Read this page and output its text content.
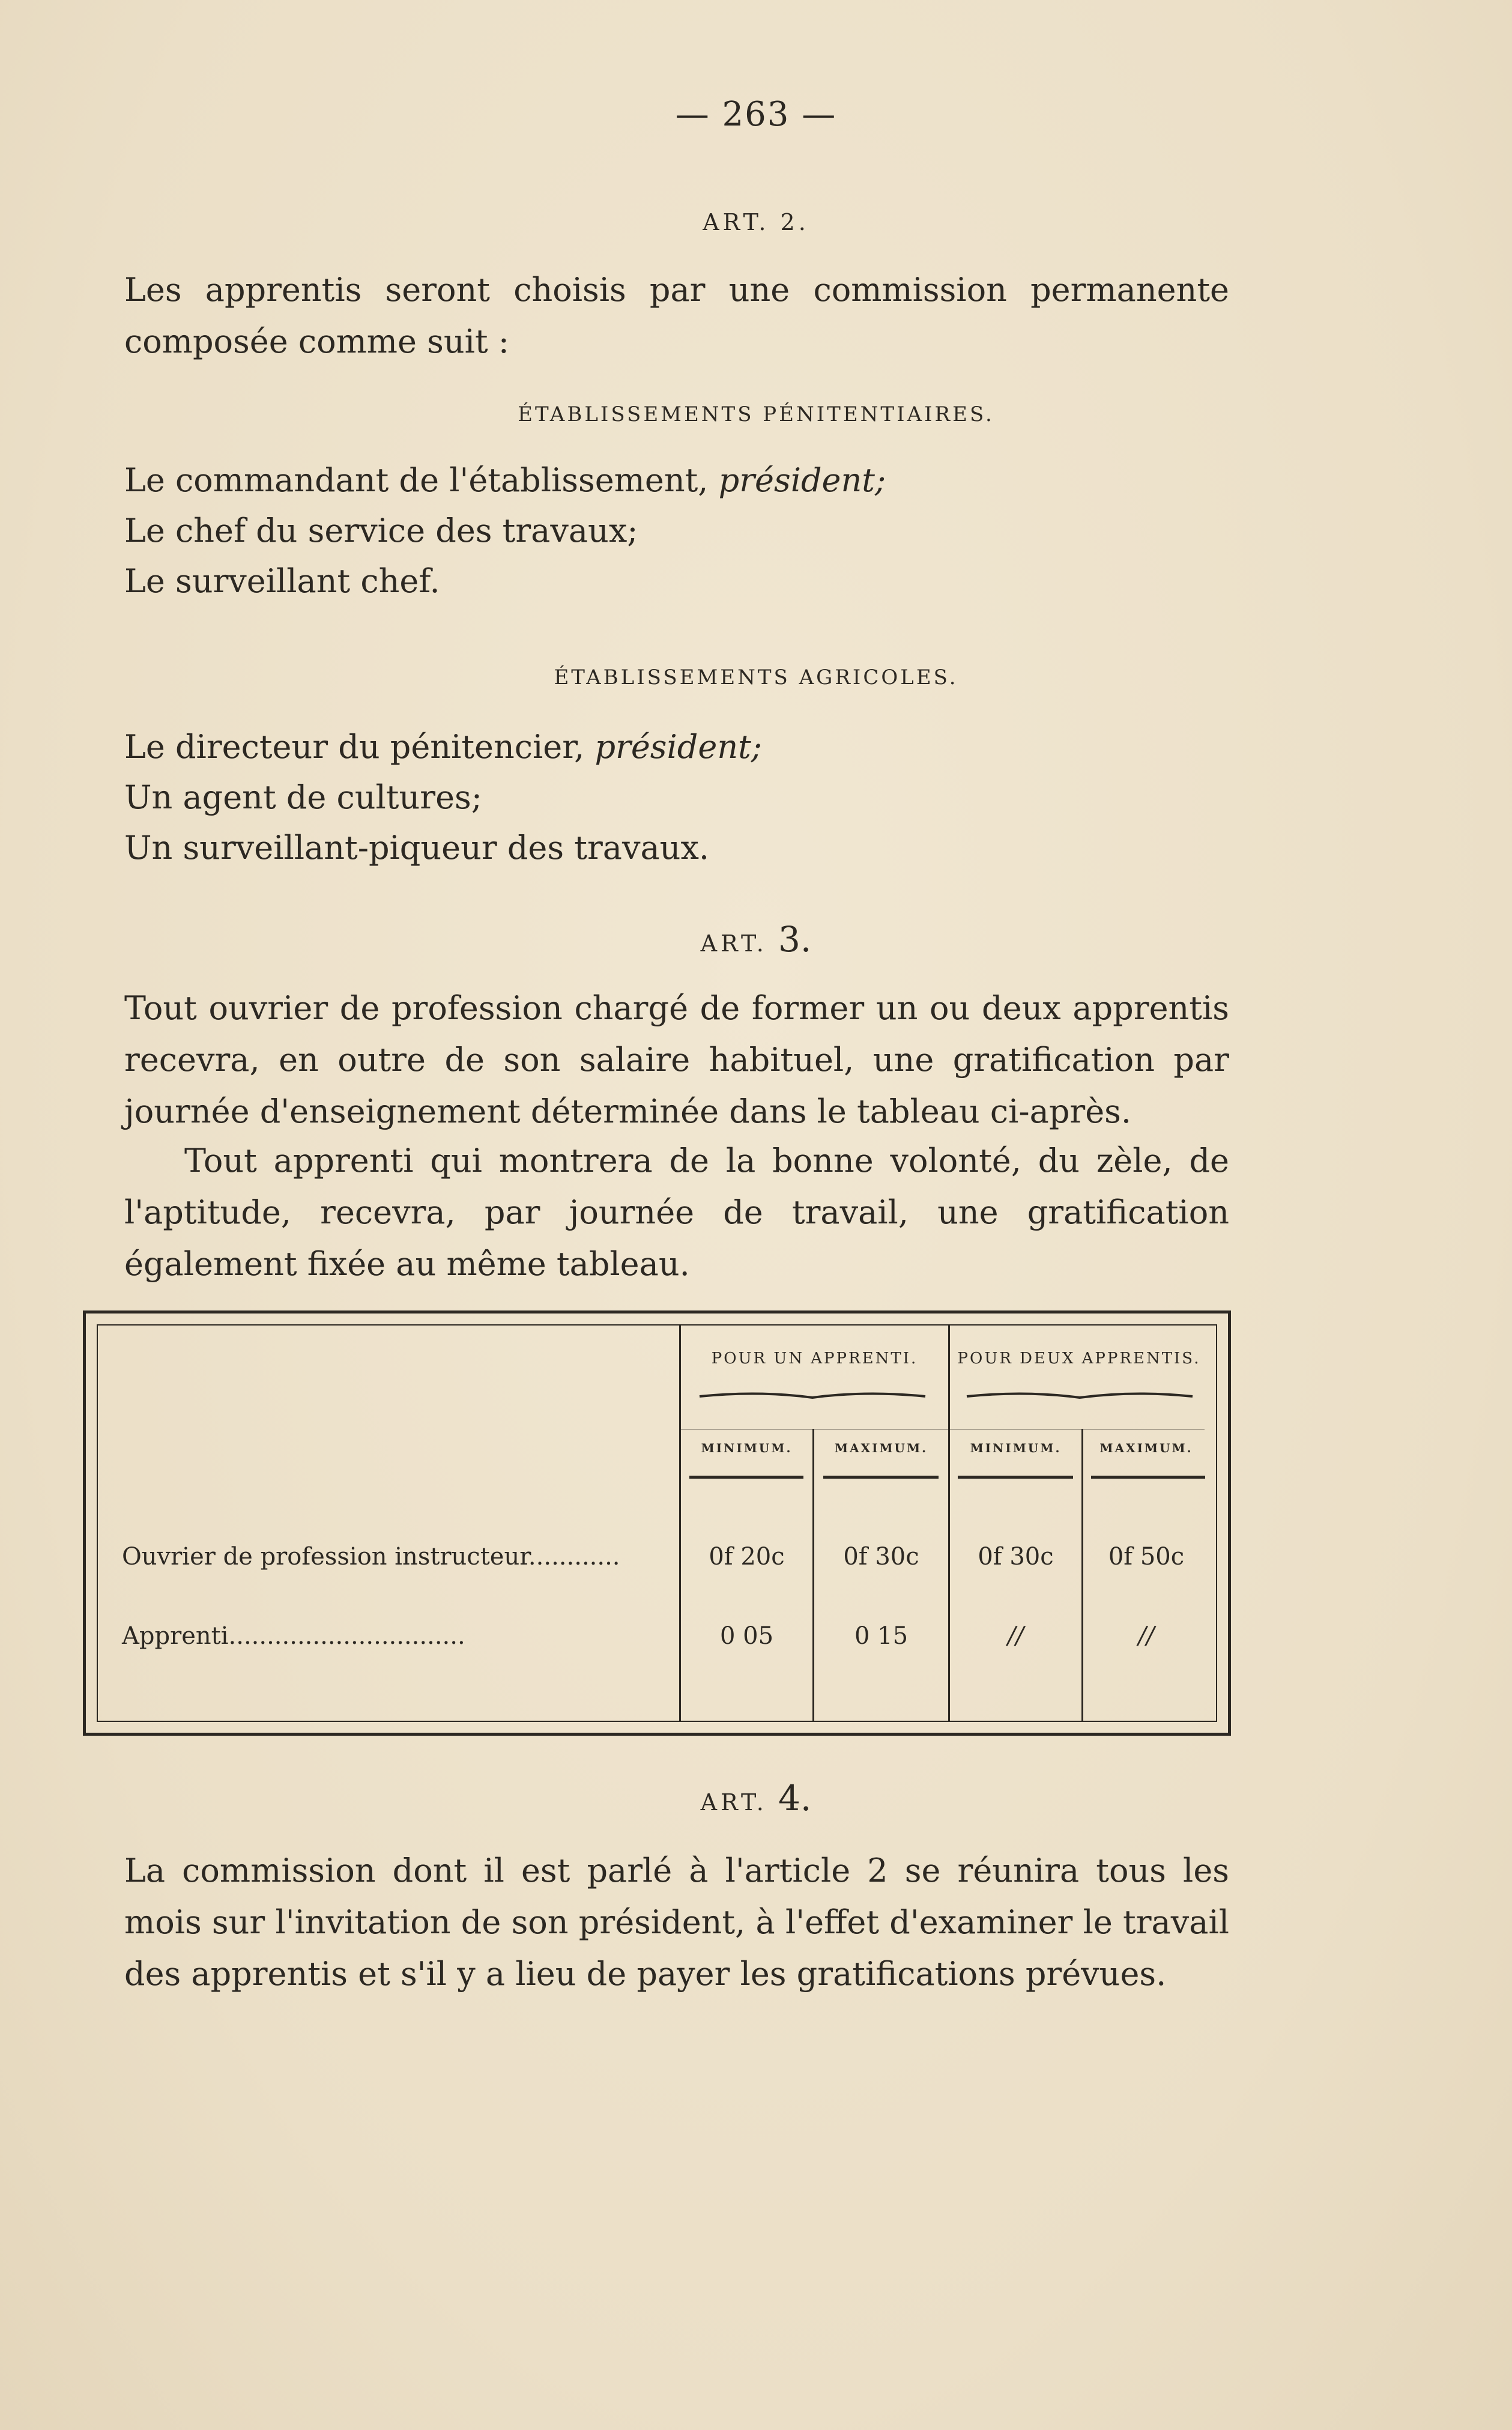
— 263 —
ART. 2.
Les apprentis seront choisis par une commission permanente composée comme suit :
ÉTABLISSEMENTS PÉNITENTIAIRES.
Le commandant de l'établissement, président;
Le chef du service des travaux;
Le surveillant chef.
ÉTABLISSEMENTS AGRICOLES.
Le directeur du pénitencier, président;
Un agent de cultures;
Un surveillant-piqueur des travaux.
ART. 3.
Tout ouvrier de profession chargé de former un ou deux apprentis recevra, en outre de son salaire habituel, une gratification par journée d'enseignement déterminée dans le tableau ci-après.
Tout apprenti qui montrera de la bonne volonté, du zèle, de l'aptitude, recevra, par journée de travail, une gratification également fixée au même tableau.
POUR UN APPRENTI.	POUR DEUX APPRENTIS.
MINIMUM.	MAXIMUM.	MINIMUM.	MAXIMUM.
Ouvrier de profession instructeur............	0f 20c	0f 30c	0f 30c	0f 50c
Apprenti...............................	0 05	0 15	//	//
ART. 4.
La commission dont il est parlé à l'article 2 se réunira tous les mois sur l'invitation de son président, à l'effet d'examiner le travail des apprentis et s'il y a lieu de payer les gratifications prévues.
